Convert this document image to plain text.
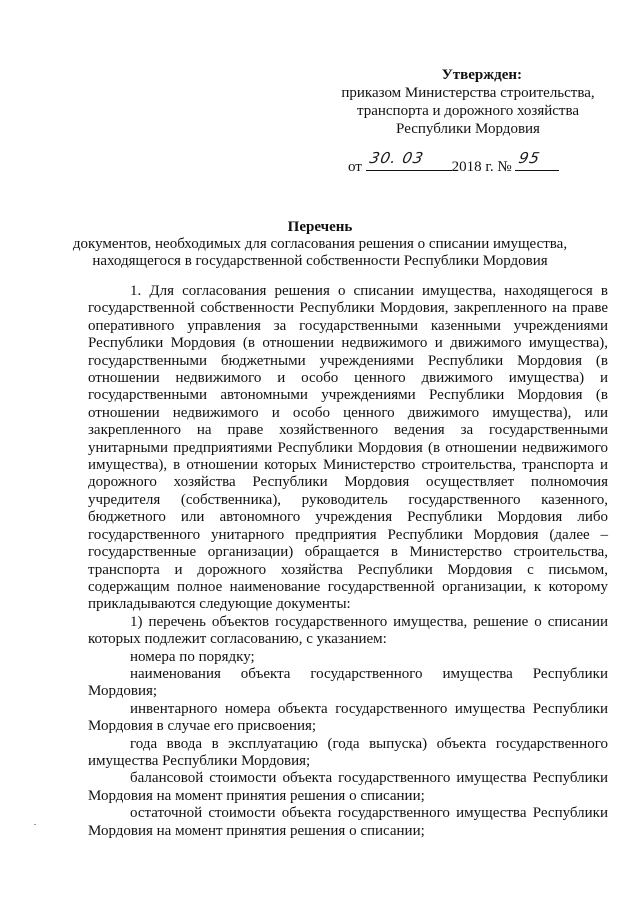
Утвержден:
приказом Министерства строительства,
транспорта и дорожного хозяйства
Республики Мордовия
от 30. 03 2018 г. № 95
Перечень
документов, необходимых для согласования решения о списании имущества,
находящегося в государственной собственности Республики Мордовия

1. Для согласования решения о списании имущества, находящегося в государственной собственности Республики Мордовия, закрепленного на праве оперативного управления за государственными казенными учреждениями Республики Мордовия (в отношении недвижимого и движимого имущества), государственными бюджетными учреждениями Республики Мордовия (в отношении недвижимого и особо ценного движимого имущества) и государственными автономными учреждениями Республики Мордовия (в отношении недвижимого и особо ценного движимого имущества), или закрепленного на праве хозяйственного ведения за государственными унитарными предприятиями Республики Мордовия (в отношении недвижимого имущества), в отношении которых Министерство строительства, транспорта и дорожного хозяйства Республики Мордовия осуществляет полномочия учредителя (собственника), руководитель государственного казенного, бюджетного или автономного учреждения Республики Мордовия либо государственного унитарного предприятия Республики Мордовия (далее – государственные организации) обращается в Министерство строительства, транспорта и дорожного хозяйства Республики Мордовия с письмом, содержащим полное наименование государственной организации, к которому прикладываются следующие документы:

1) перечень объектов государственного имущества, решение о списании которых подлежит согласованию, с указанием:

номера по порядку;

наименования объекта государственного имущества Республики Мордовия;

инвентарного номера объекта государственного имущества Республики Мордовия в случае его присвоения;

года ввода в эксплуатацию (года выпуска) объекта государственного имущества Республики Мордовия;

балансовой стоимости объекта государственного имущества Республики Мордовия на момент принятия решения о списании;

остаточной стоимости объекта государственного имущества Республики Мордовия на момент принятия решения о списании;
